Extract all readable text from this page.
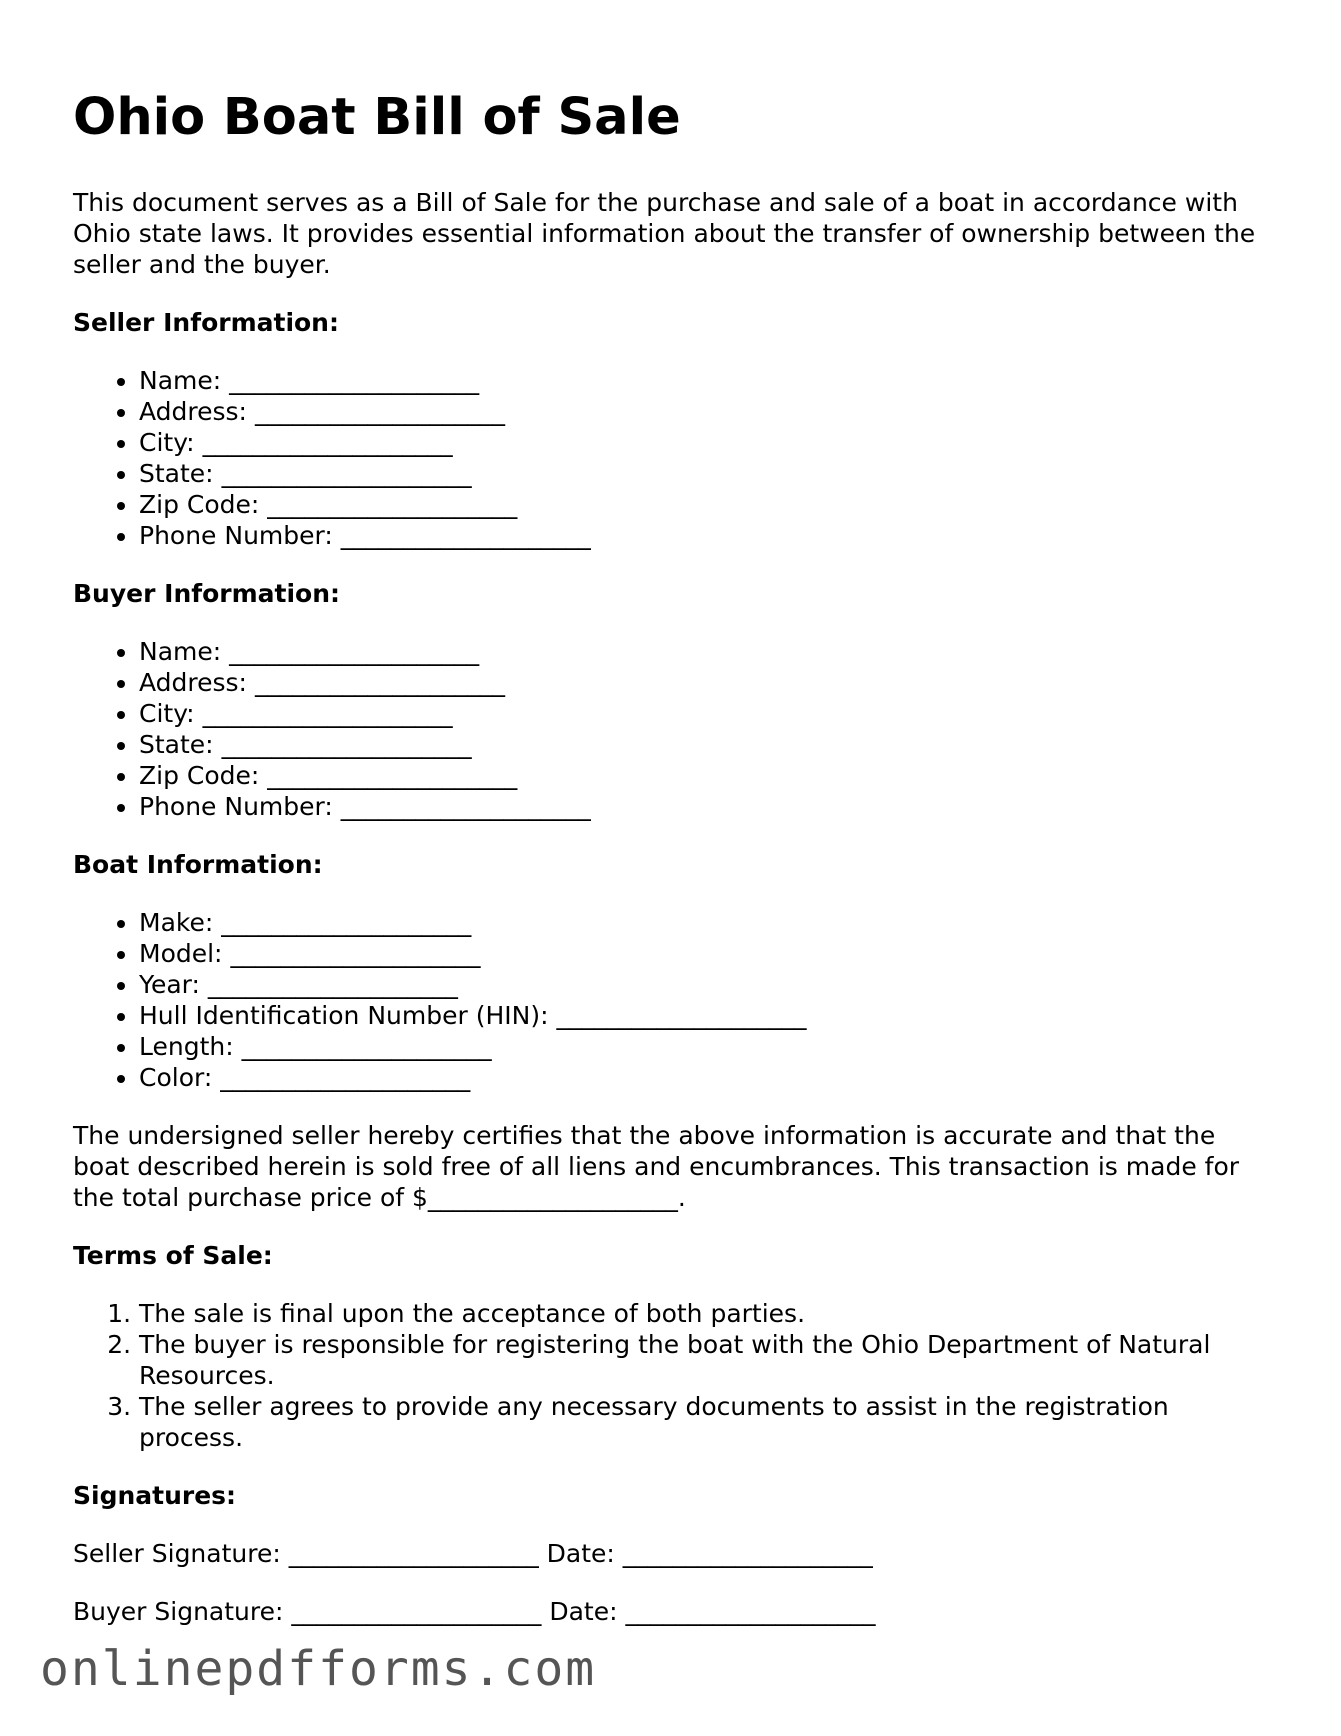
Ohio Boat Bill of Sale

This document serves as a Bill of Sale for the purchase and sale of a boat in accordance with Ohio state laws. It provides essential information about the transfer of ownership between the seller and the buyer.

Seller Information:
• Name: ____________________
• Address: ____________________
• City: ____________________
• State: ____________________
• Zip Code: ____________________
• Phone Number: ____________________
Buyer Information:
• Name: ____________________
• Address: ____________________
• City: ____________________
• State: ____________________
• Zip Code: ____________________
• Phone Number: ____________________
Boat Information:
• Make: ____________________
• Model: ____________________
• Year: ____________________
• Hull Identification Number (HIN): ____________________
• Length: ____________________
• Color: ____________________

The undersigned seller hereby certifies that the above information is accurate and that the boat described herein is sold free of all liens and encumbrances. This transaction is made for the total purchase price of $____________________.

Terms of Sale:
1. The sale is final upon the acceptance of both parties.
2. The buyer is responsible for registering the boat with the Ohio Department of Natural Resources.
3. The seller agrees to provide any necessary documents to assist in the registration process.
Signatures:
Seller Signature: ____________________ Date: ____________________
Buyer Signature: ____________________ Date: ____________________
onlinepdfforms.com
